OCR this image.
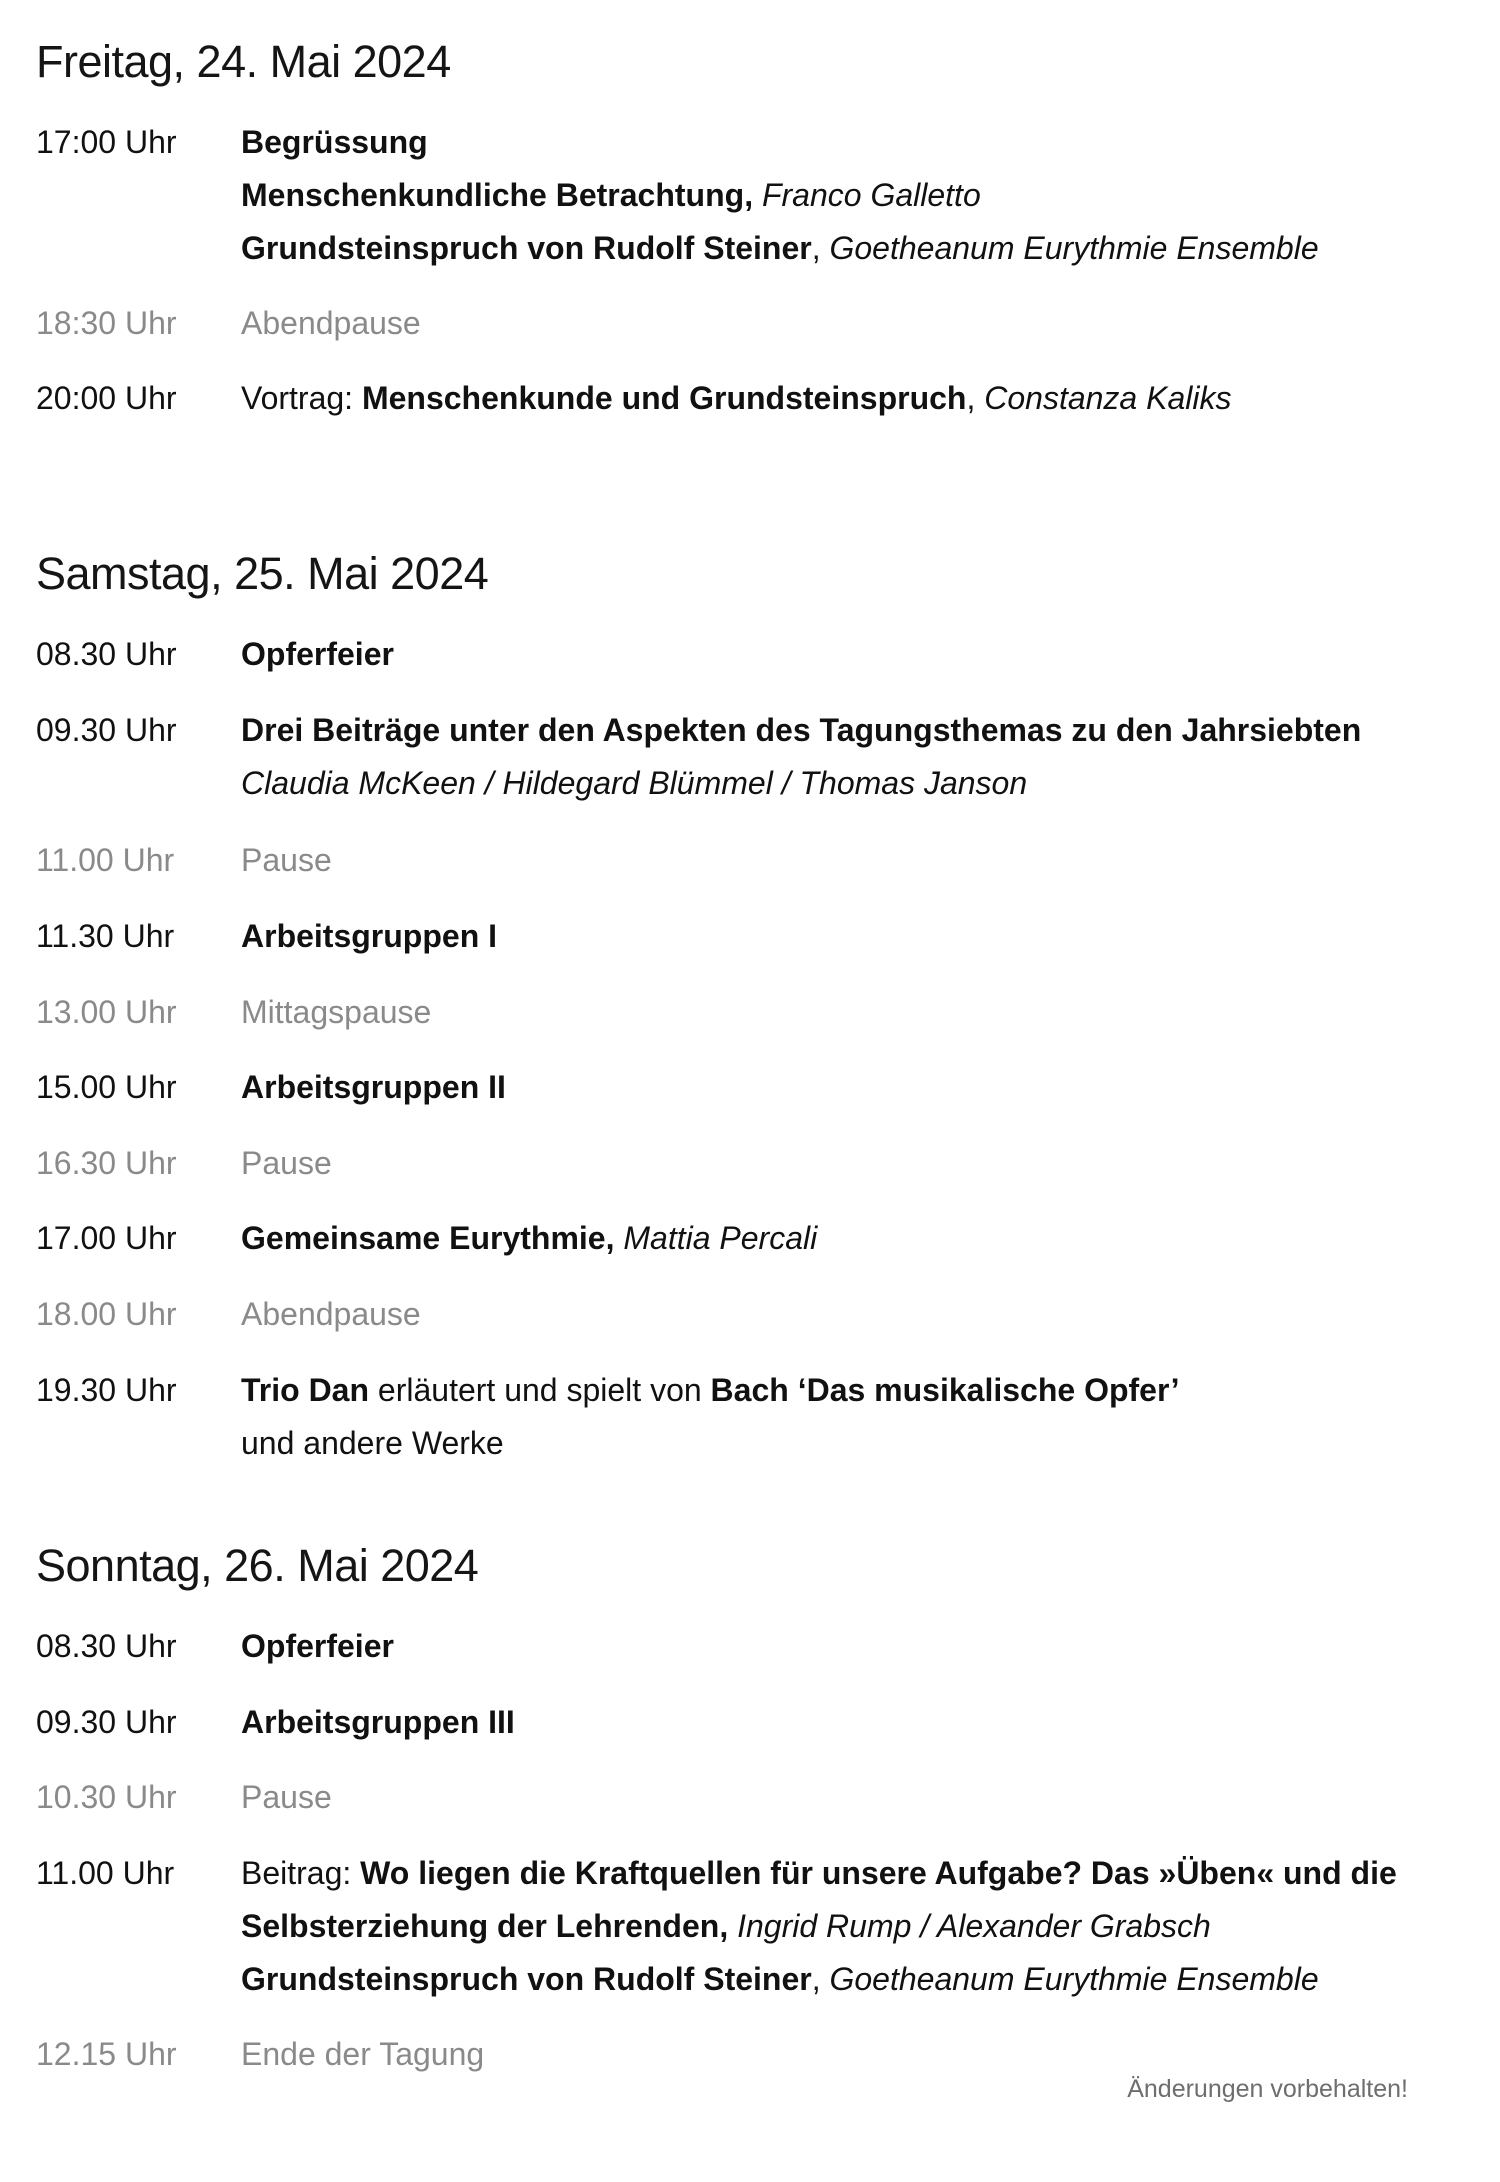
Freitag, 24. Mai 2024
17:00 Uhr	Begrüssung
Menschenkundliche Betrachtung, Franco Galletto
Grundsteinspruch von Rudolf Steiner, Goetheanum Eurythmie Ensemble
18:30 Uhr	Abendpause
20:00 Uhr	Vortrag: Menschenkunde und Grundsteinspruch, Constanza Kaliks
Samstag, 25. Mai 2024
08.30 Uhr	Opferfeier
09.30 Uhr	Drei Beiträge unter den Aspekten des Tagungsthemas zu den Jahrsiebten
Claudia McKeen / Hildegard Blümmel / Thomas Janson
11.00 Uhr	Pause
11.30 Uhr	Arbeitsgruppen I
13.00 Uhr	Mittagspause
15.00 Uhr	Arbeitsgruppen II
16.30 Uhr	Pause
17.00 Uhr	Gemeinsame Eurythmie, Mattia Percali
18.00 Uhr	Abendpause
19.30 Uhr	Trio Dan erläutert und spielt von Bach ‘Das musikalische Opfer’
und andere Werke
Sonntag, 26. Mai 2024
08.30 Uhr	Opferfeier
09.30 Uhr	Arbeitsgruppen III
10.30 Uhr	Pause
11.00 Uhr	Beitrag: Wo liegen die Kraftquellen für unsere Aufgabe? Das »Üben« und die
Selbsterziehung der Lehrenden, Ingrid Rump / Alexander Grabsch
Grundsteinspruch von Rudolf Steiner, Goetheanum Eurythmie Ensemble
12.15 Uhr	Ende der Tagung
Änderungen vorbehalten!
